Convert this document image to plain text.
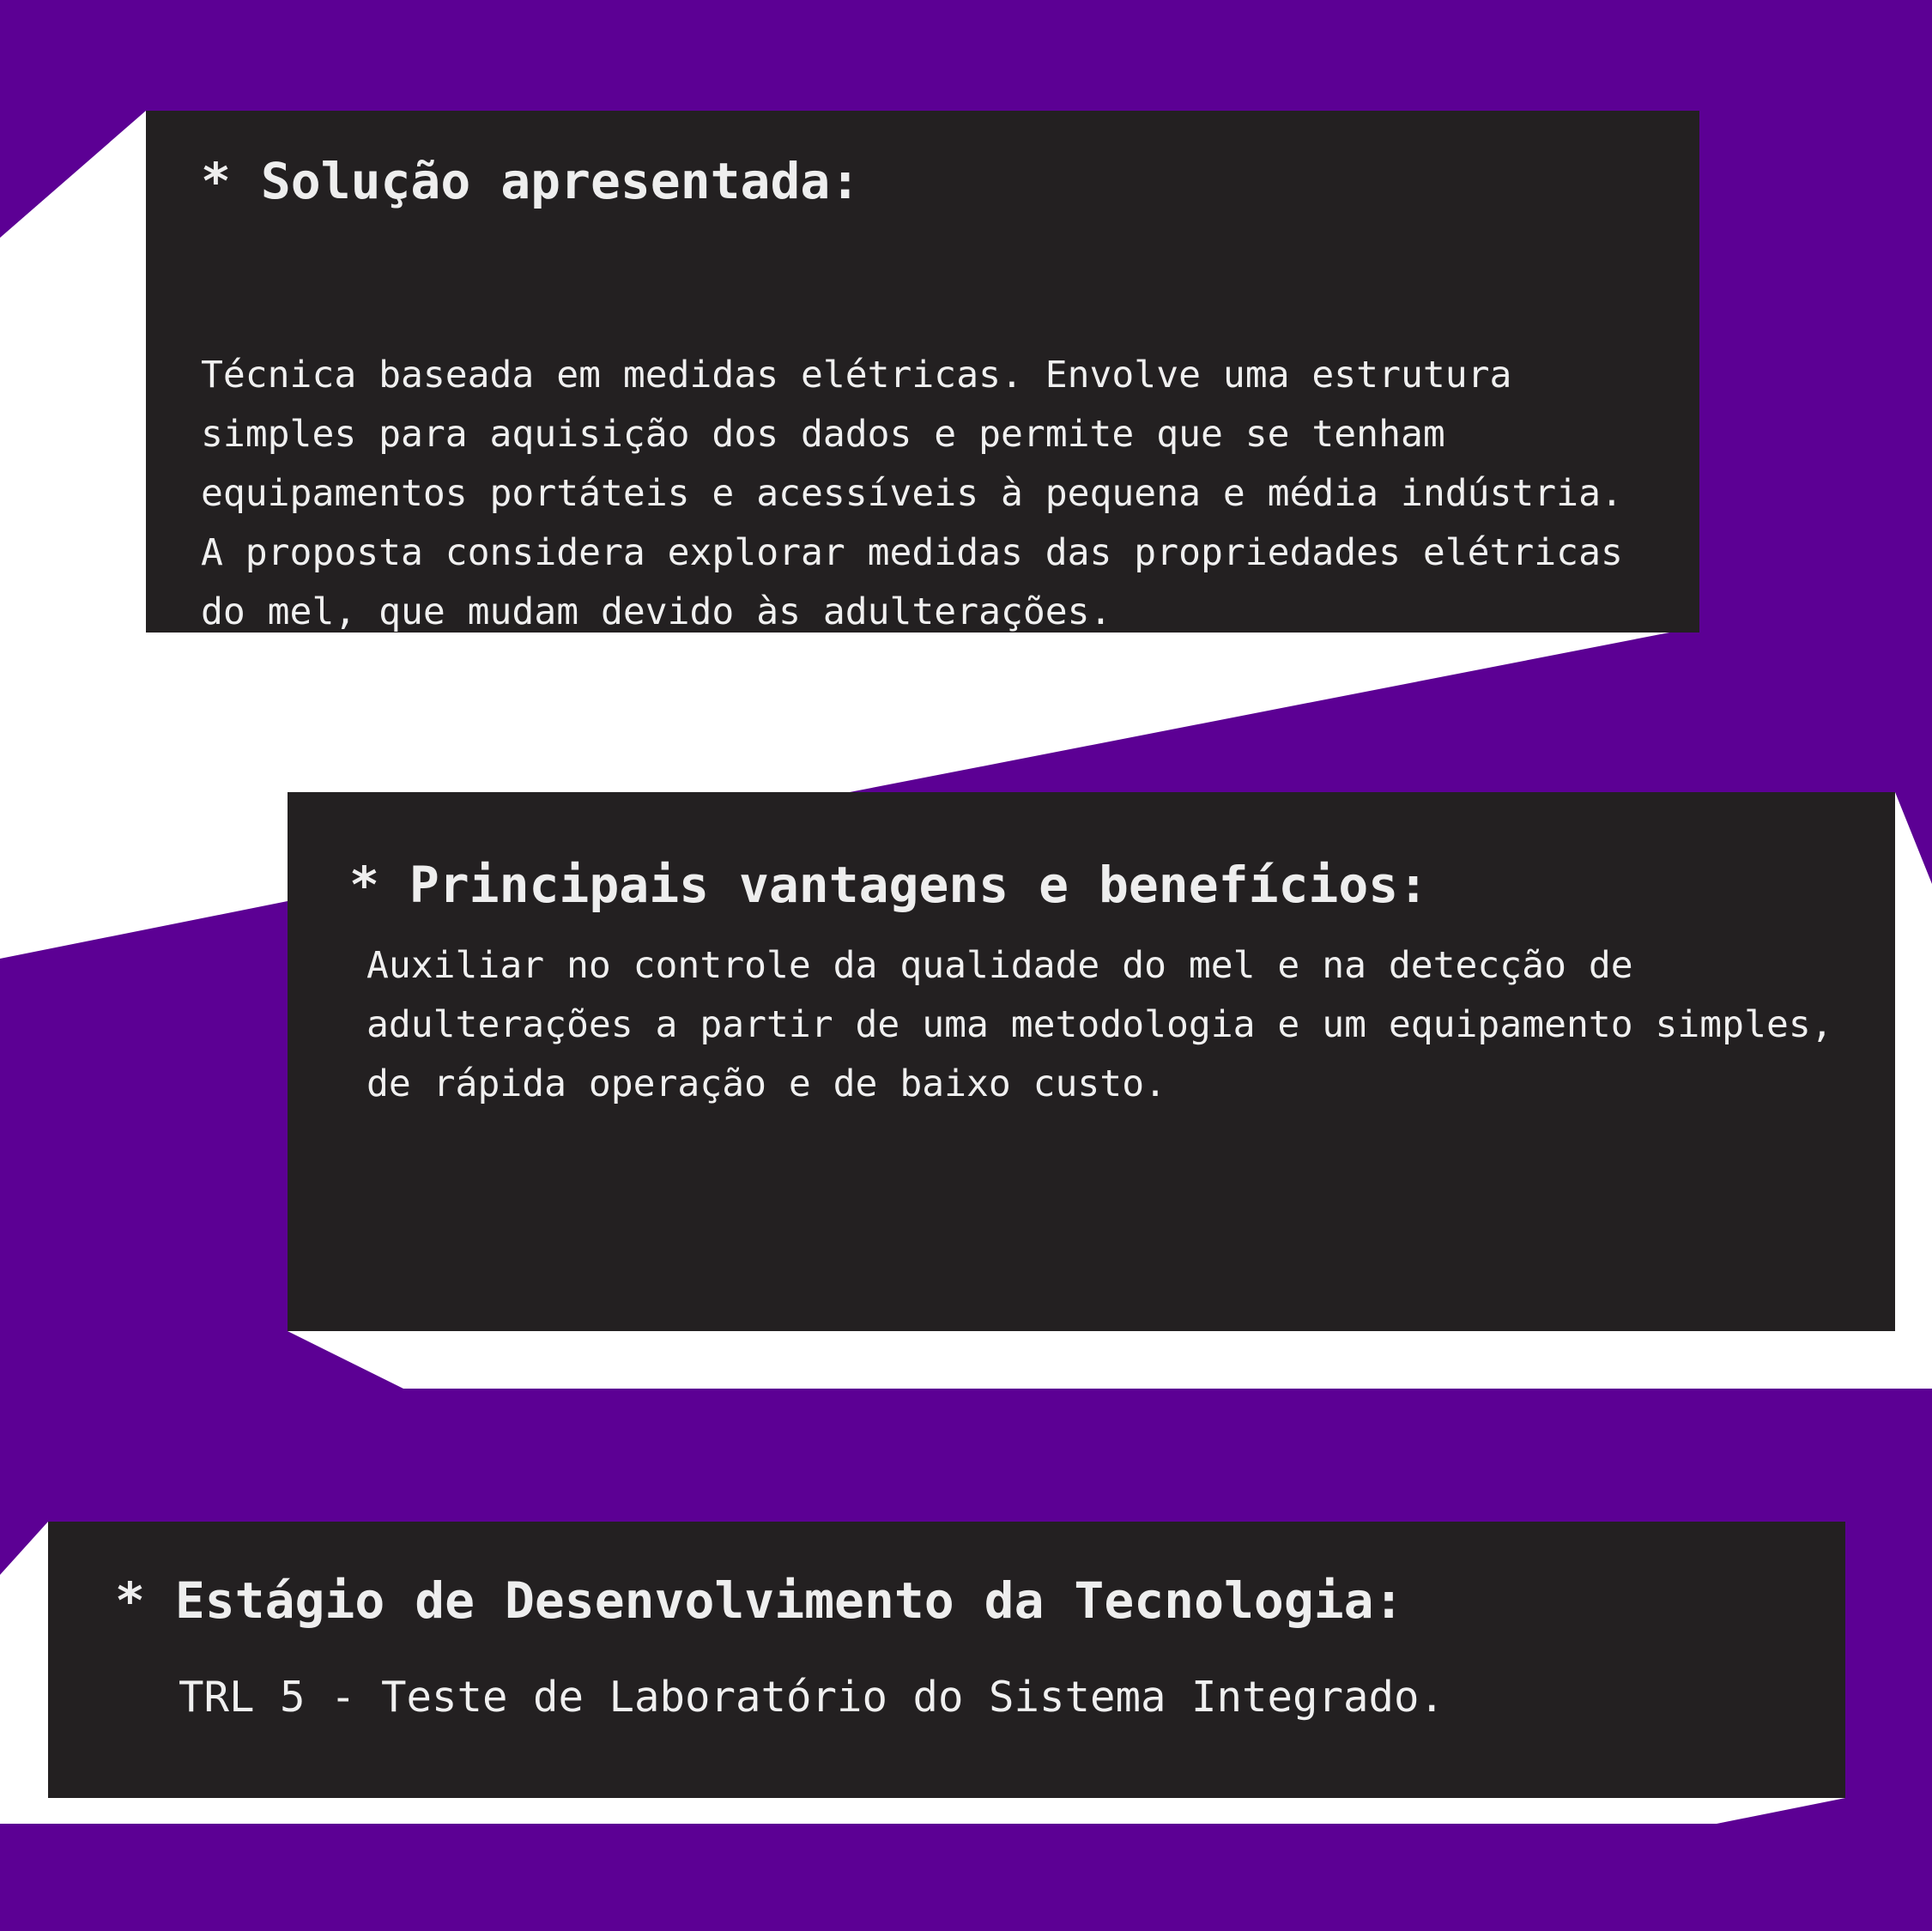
* Solução apresentada:

Técnica baseada em medidas elétricas. Envolve uma estrutura simples para aquisição dos dados e permite que se tenham equipamentos portáteis e acessíveis à pequena e média indústria. A proposta considera explorar medidas das propriedades elétricas do mel, que mudam devido às adulterações.

* Principais vantagens e benefícios:

Auxiliar no controle da qualidade do mel e na detecção de adulterações a partir de uma metodologia e um equipamento simples, de rápida operação e de baixo custo.

* Estágio de Desenvolvimento da Tecnologia:

TRL 5 - Teste de Laboratório do Sistema Integrado.
